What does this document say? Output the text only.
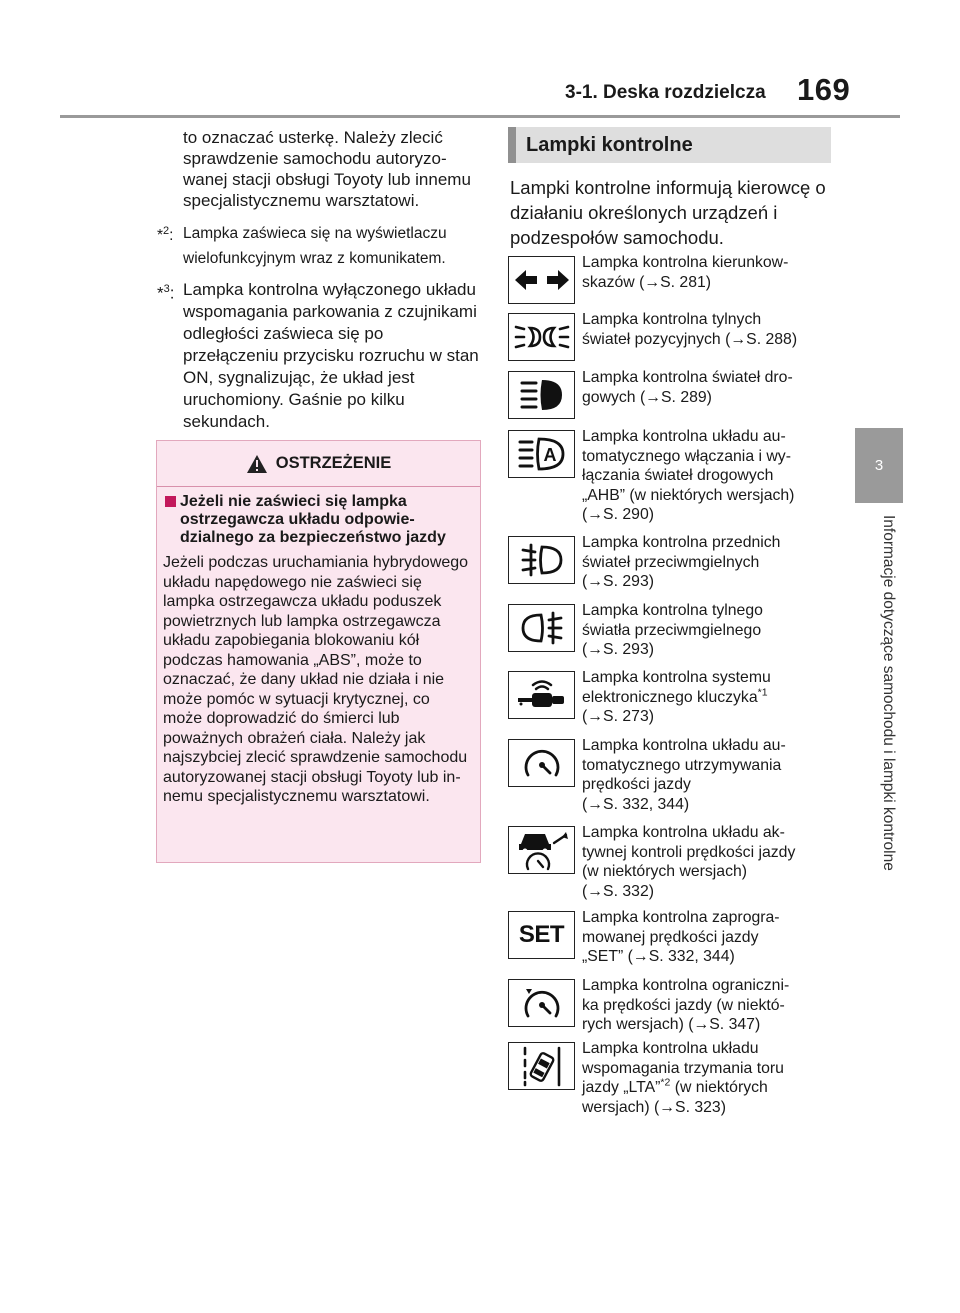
3-1. Deska rozdzielcza 169
3
Informacje dotyczące samochodu i lampki kontrolne

to oznaczać usterkę. Należy zlecić sprawdzenie samochodu autoryzowanej stacji obsługi Toyoty lub innemu specjalistycznemu warsztatowi.

*$^2$: Lampka zaświeca się na wyświetlaczu wielofunkcyjnym wraz z komunikatem.
*$^3$: Lampka kontrolna wyłączonego układu wspomagania parkowania z czujnikami odległości zaświeca się po przełączeniu przycisku rozruchu w stan ON, sygnalizując, że układ jest uruchomiony. Gaśnie po kilku sekundach.
OSTRZEŻENIE
Jeżeli nie zaświeci się lampka ostrzegawcza układu odpowiedzialnego za bezpieczeństwo jazdy
Jeżeli podczas uruchamiania hybrydowego układu napędowego nie zaświeci się lampka ostrzegawcza układu poduszek powietrznych lub lampka ostrzegawcza układu zapobiegania blokowaniu kół podczas hamowania „ABS”, może to oznaczać, że dany układ nie działa i nie może pomóc w sytuacji krytycznej, co może doprowadzić do śmierci lub poważnych obrażeń ciała. Należy jak najszybciej zlecić sprawdzenie samochodu autoryzowanej stacji obsługi Toyoty lub innemu specjalistycznemu warsztatowi.
Lampki kontrolne
Lampki kontrolne informują kierowcę o działaniu określonych urządzeń i podzespołów samochodu.
Lampka kontrolna kierunkow-
skazów (→S. 281)
Lampka kontrolna tylnych
świateł pozycyjnych (→S. 288)
Lampka kontrolna świateł dro-
gowych (→S. 289)
A
Lampka kontrolna układu au-
tomatycznego włączania i wy-
łączania świateł drogowych
„AHB” (w niektórych wersjach)
(→S. 290)
Lampka kontrolna przednich
świateł przeciwmgielnych
(→S. 293)
Lampka kontrolna tylnego
światła przeciwmgielnego
(→S. 293)
Lampka kontrolna systemu
elektronicznego kluczyka$^{*1}$
(→S. 273)
Lampka kontrolna układu au-
tomatycznego utrzymywania
prędkości jazdy
(→S. 332, 344)
Lampka kontrolna układu ak-
tywnej kontroli prędkości jazdy
(w niektórych wersjach)
(→S. 332)
SET
Lampka kontrolna zaprogra-
mowanej prędkości jazdy
„SET” (→S. 332, 344)
Lampka kontrolna ograniczni-
ka prędkości jazdy (w niektó-
rych wersjach) (→S. 347)
Lampka kontrolna układu
wspomagania trzymania toru
jazdy „LTA”$^{*2}$ (w niektórych
wersjach) (→S. 323)
